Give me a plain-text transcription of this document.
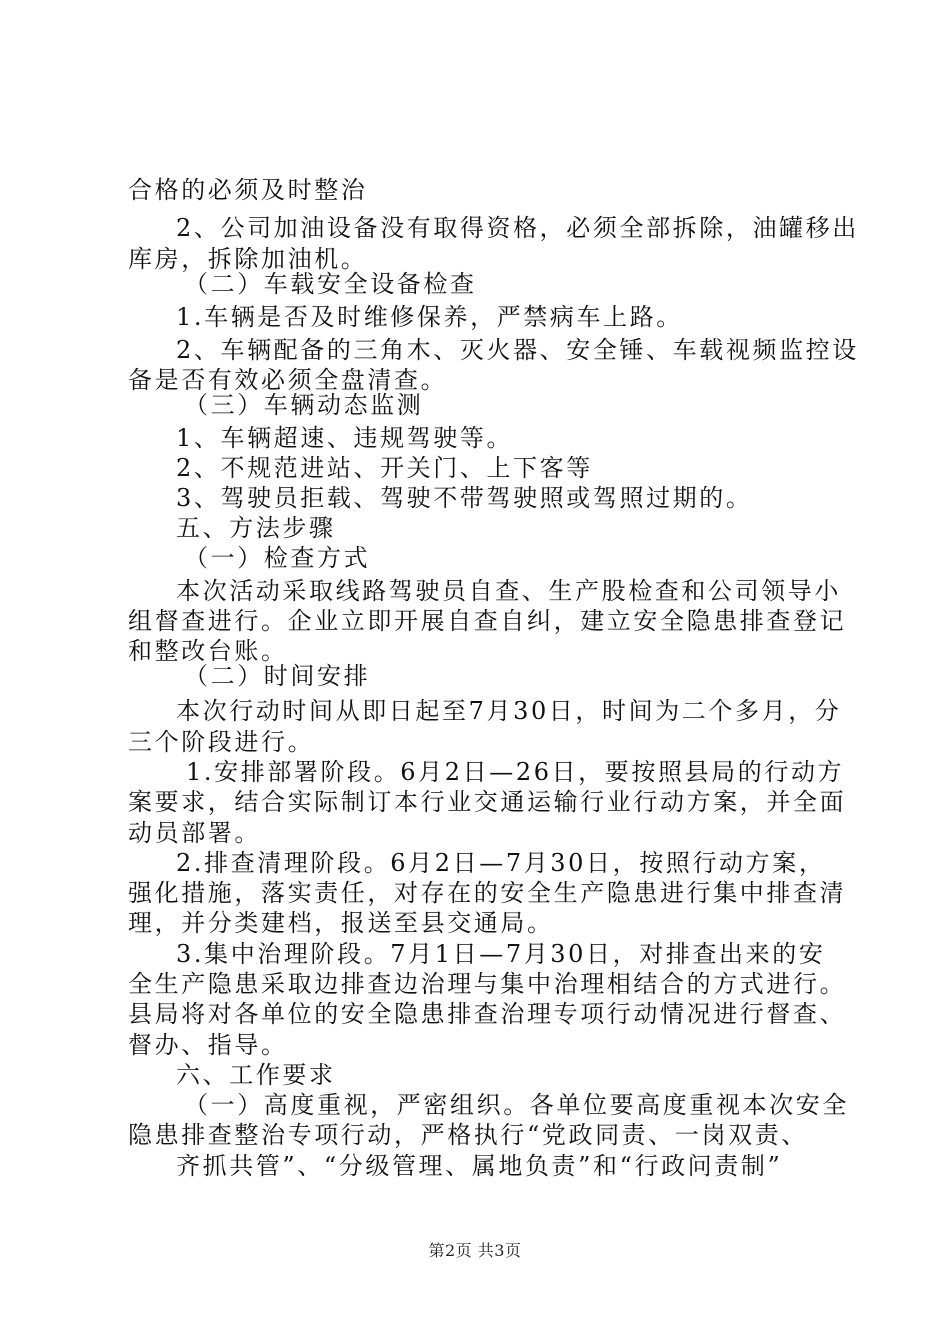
合格的必须及时整治
2、公司加油设备没有取得资格，必须全部拆除，油罐移出
库房，拆除加油机。
（二）车载安全设备检查
1.车辆是否及时维修保养，严禁病车上路。
2、车辆配备的三角木、灭火器、安全锤、车载视频监控设
备是否有效必须全盘清查。
（三）车辆动态监测
1、车辆超速、违规驾驶等。
2、不规范进站、开关门、上下客等
3、驾驶员拒载、驾驶不带驾驶照或驾照过期的。
五、方法步骤
（一）检查方式
本次活动采取线路驾驶员自查、生产股检查和公司领导小
组督查进行。企业立即开展自查自纠，建立安全隐患排查登记
和整改台账。
（二）时间安排
本次行动时间从即日起至7月30日，时间为二个多月，分
三个阶段进行。
1.安排部署阶段。6月2日—26日，要按照县局的行动方
案要求，结合实际制订本行业交通运输行业行动方案，并全面
动员部署。
2.排查清理阶段。6月2日—7月30日，按照行动方案，
强化措施，落实责任，对存在的安全生产隐患进行集中排查清
理，并分类建档，报送至县交通局。
3.集中治理阶段。7月1日—7月30日，对排查出来的安
全生产隐患采取边排查边治理与集中治理相结合的方式进行。
县局将对各单位的安全隐患排查治理专项行动情况进行督查、
督办、指导。
六、工作要求
（一）高度重视，严密组织。各单位要高度重视本次安全
隐患排查整治专项行动，严格执行“党政同责、一岗双责、
齐抓共管”、“分级管理、属地负责”和“行政问责制”
第2页 共3页
